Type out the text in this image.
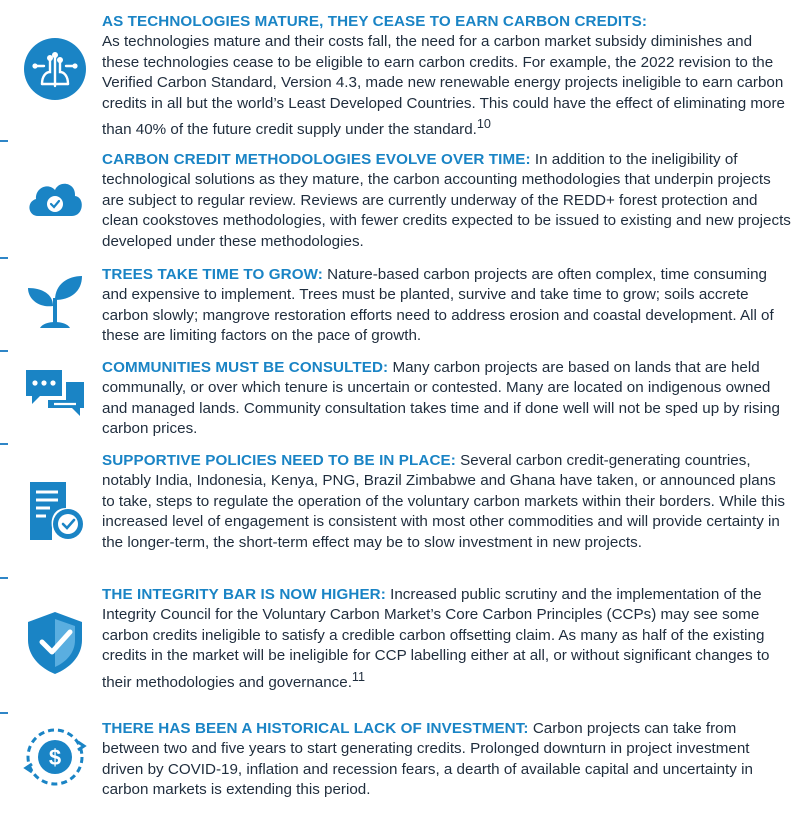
AS TECHNOLOGIES MATURE, THEY CEASE TO EARN CARBON CREDITS:
As technologies mature and their costs fall, the need for a carbon market subsidy diminishes and these technologies cease to be eligible to earn carbon credits. For example, the 2022 revision to the Verified Carbon Standard, Version 4.3, made new renewable energy projects ineligible to earn carbon credits in all but the world’s Least Developed Countries. This could have the effect of eliminating more than 40% of the future credit supply under the standard.$^{10}$
CARBON CREDIT METHODOLOGIES EVOLVE OVER TIME: In addition to the ineligibility of technological solutions as they mature, the carbon accounting methodologies that underpin projects are subject to regular review. Reviews are currently underway of the REDD+ forest protection and clean cookstoves methodologies, with fewer credits expected to be issued to existing and new projects developed under these methodologies.
TREES TAKE TIME TO GROW: Nature-based carbon projects are often complex, time consuming and expensive to implement. Trees must be planted, survive and take time to grow; soils accrete carbon slowly; mangrove restoration efforts need to address erosion and coastal development. All of these are limiting factors on the pace of growth.
COMMUNITIES MUST BE CONSULTED: Many carbon projects are based on lands that are held communally, or over which tenure is uncertain or contested. Many are located on indigenous owned and managed lands. Community consultation takes time and if done well will not be sped up by rising carbon prices.
SUPPORTIVE POLICIES NEED TO BE IN PLACE: Several carbon credit-generating countries, notably India, Indonesia, Kenya, PNG, Brazil Zimbabwe and Ghana have taken, or announced plans to take, steps to regulate the operation of the voluntary carbon markets within their borders. While this increased level of engagement is consistent with most other commodities and will provide certainty in the longer-term, the short-term effect may be to slow investment in new projects.
THE INTEGRITY BAR IS NOW HIGHER: Increased public scrutiny and the implementation of the Integrity Council for the Voluntary Carbon Market’s Core Carbon Principles (CCPs) may see some carbon credits ineligible to satisfy a credible carbon offsetting claim. As many as half of the existing credits in the market will be ineligible for CCP labelling either at all, or without significant changes to their methodologies and governance.$^{11}$
$
THERE HAS BEEN A HISTORICAL LACK OF INVESTMENT: Carbon projects can take from between two and five years to start generating credits. Prolonged downturn in project investment driven by COVID-19, inflation and recession fears, a dearth of available capital and uncertainty in carbon markets is extending this period.
